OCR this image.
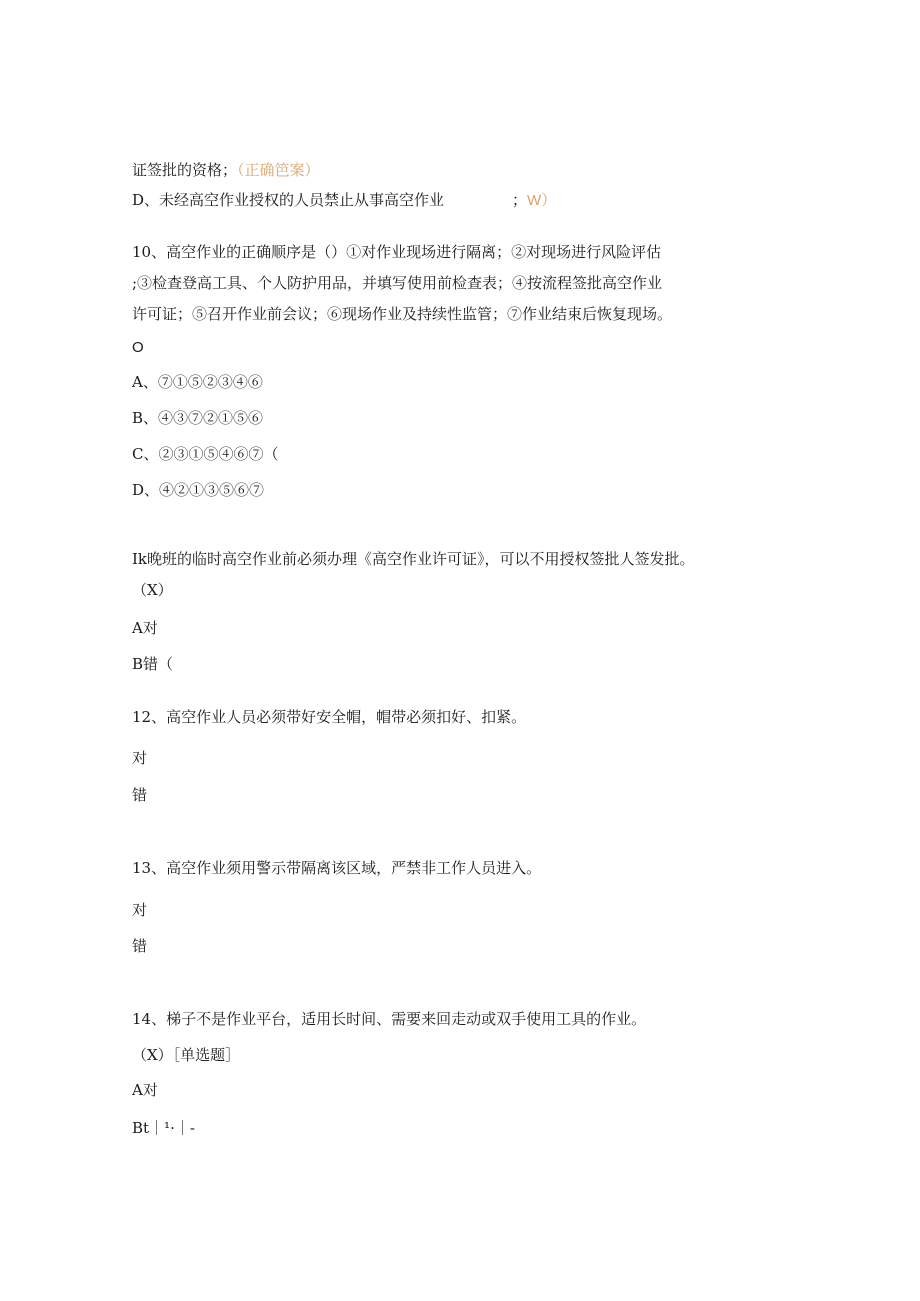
证签批的资格；（正确笆案）
D、未经高空作业授权的人员禁止从事高空作业	；W）
10、高空作业的正确顺序是（）①对作业现场进行隔离；②对现场进行风险评估
;③检查登高工具、个人防护用品，并填写使用前检查表；④按流程签批高空作业
许可证；⑤召开作业前会议；⑥现场作业及持续性监管；⑦作业结束后恢复现场。
O
A、⑦①⑤②③④⑥
B、④③⑦②①⑤⑥
C、②③①⑤④⑥⑦（
D、④②①③⑤⑥⑦
Ik晚班的临时高空作业前必须办理《高空作业许可证》，可以不用授权签批人签发批。
（X）
A对
B错（
12、高空作业人员必须带好安全帽，帽带必须扣好、扣紧。
对
错
13、高空作业须用警示带隔离该区域，严禁非工作人员进入。
对
错
14、梯子不是作业平台，适用长时间、需要来回走动或双手使用工具的作业。
（X）［单选题］
A对
Bt｜¹·｜-
